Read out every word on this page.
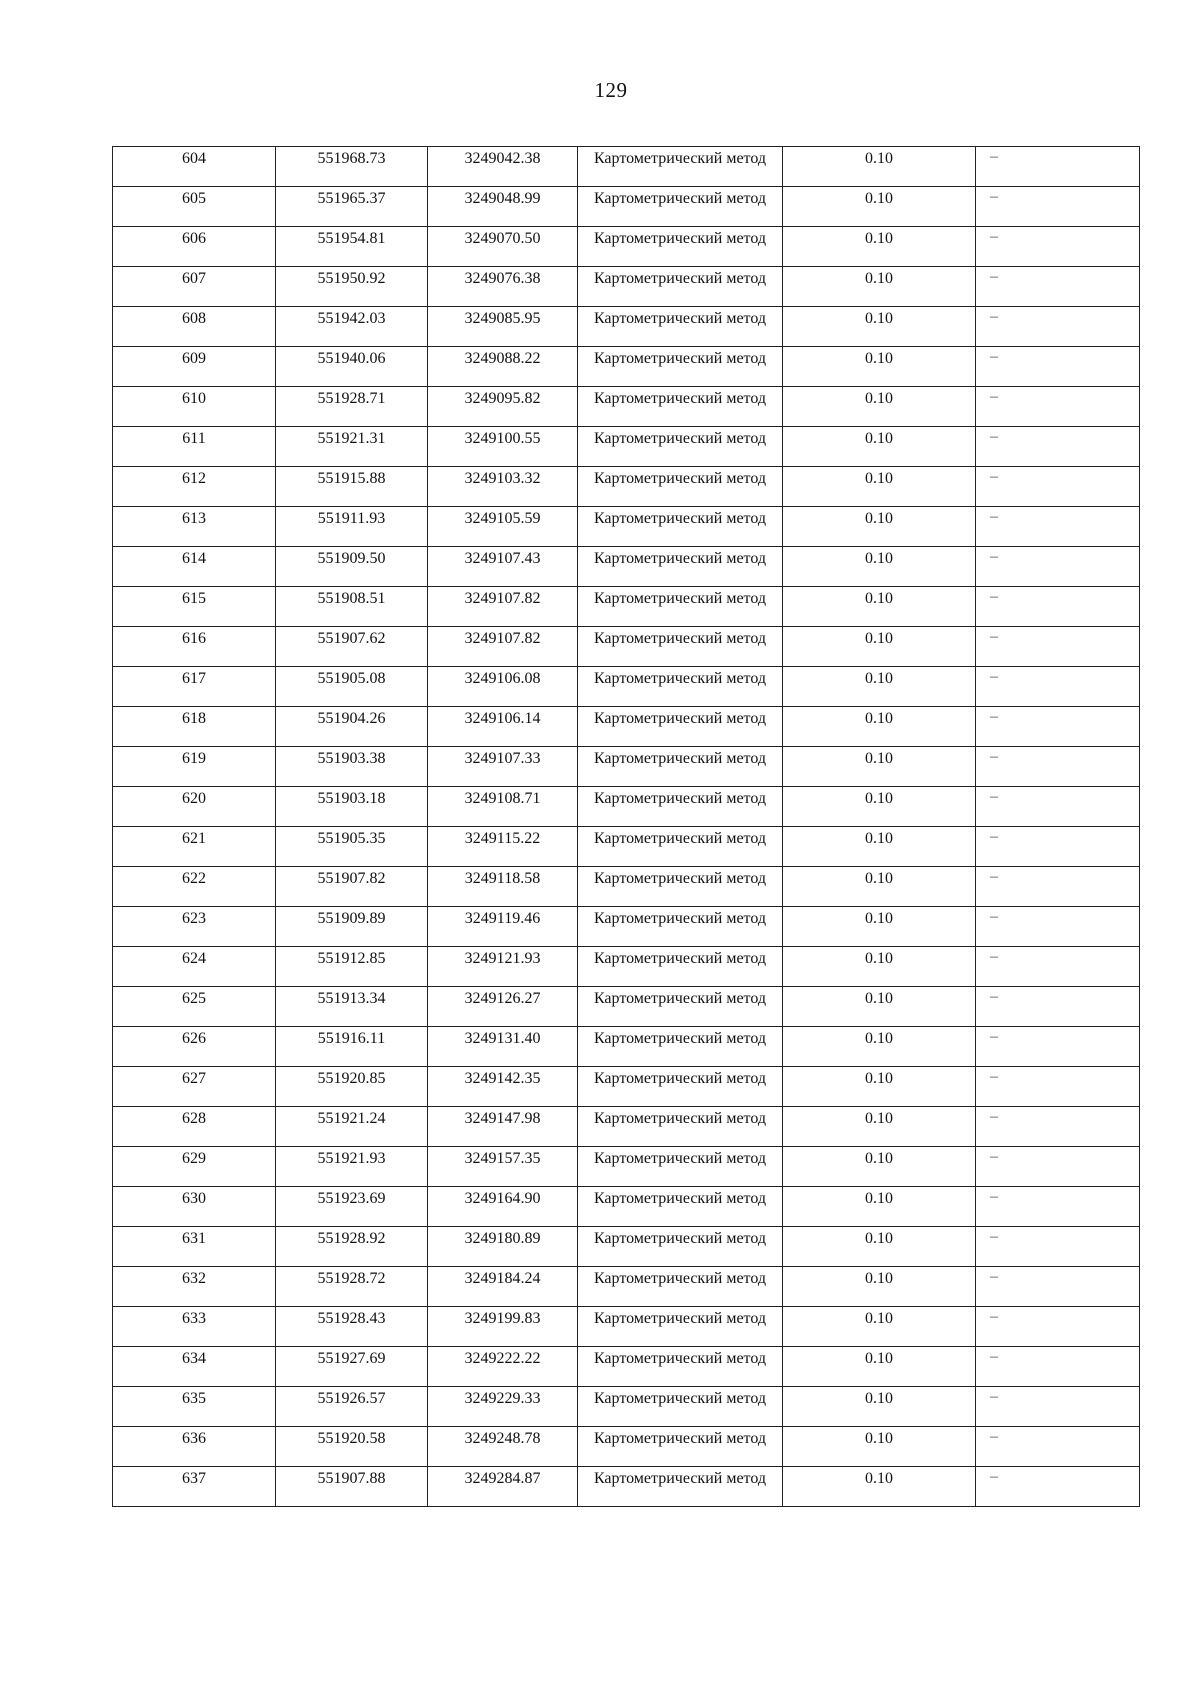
129
604	551968.73	3249042.38	Картометрический метод	0.10	–

605	551965.37	3249048.99	Картометрический метод	0.10	–

606	551954.81	3249070.50	Картометрический метод	0.10	–

607	551950.92	3249076.38	Картометрический метод	0.10	–

608	551942.03	3249085.95	Картометрический метод	0.10	–

609	551940.06	3249088.22	Картометрический метод	0.10	–

610	551928.71	3249095.82	Картометрический метод	0.10	–

611	551921.31	3249100.55	Картометрический метод	0.10	–

612	551915.88	3249103.32	Картометрический метод	0.10	–

613	551911.93	3249105.59	Картометрический метод	0.10	–

614	551909.50	3249107.43	Картометрический метод	0.10	–

615	551908.51	3249107.82	Картометрический метод	0.10	–

616	551907.62	3249107.82	Картометрический метод	0.10	–

617	551905.08	3249106.08	Картометрический метод	0.10	–

618	551904.26	3249106.14	Картометрический метод	0.10	–

619	551903.38	3249107.33	Картометрический метод	0.10	–

620	551903.18	3249108.71	Картометрический метод	0.10	–

621	551905.35	3249115.22	Картометрический метод	0.10	–

622	551907.82	3249118.58	Картометрический метод	0.10	–

623	551909.89	3249119.46	Картометрический метод	0.10	–

624	551912.85	3249121.93	Картометрический метод	0.10	–

625	551913.34	3249126.27	Картометрический метод	0.10	–

626	551916.11	3249131.40	Картометрический метод	0.10	–

627	551920.85	3249142.35	Картометрический метод	0.10	–

628	551921.24	3249147.98	Картометрический метод	0.10	–

629	551921.93	3249157.35	Картометрический метод	0.10	–

630	551923.69	3249164.90	Картометрический метод	0.10	–

631	551928.92	3249180.89	Картометрический метод	0.10	–

632	551928.72	3249184.24	Картометрический метод	0.10	–

633	551928.43	3249199.83	Картометрический метод	0.10	–

634	551927.69	3249222.22	Картометрический метод	0.10	–

635	551926.57	3249229.33	Картометрический метод	0.10	–

636	551920.58	3249248.78	Картометрический метод	0.10	–

637	551907.88	3249284.87	Картометрический метод	0.10	–
